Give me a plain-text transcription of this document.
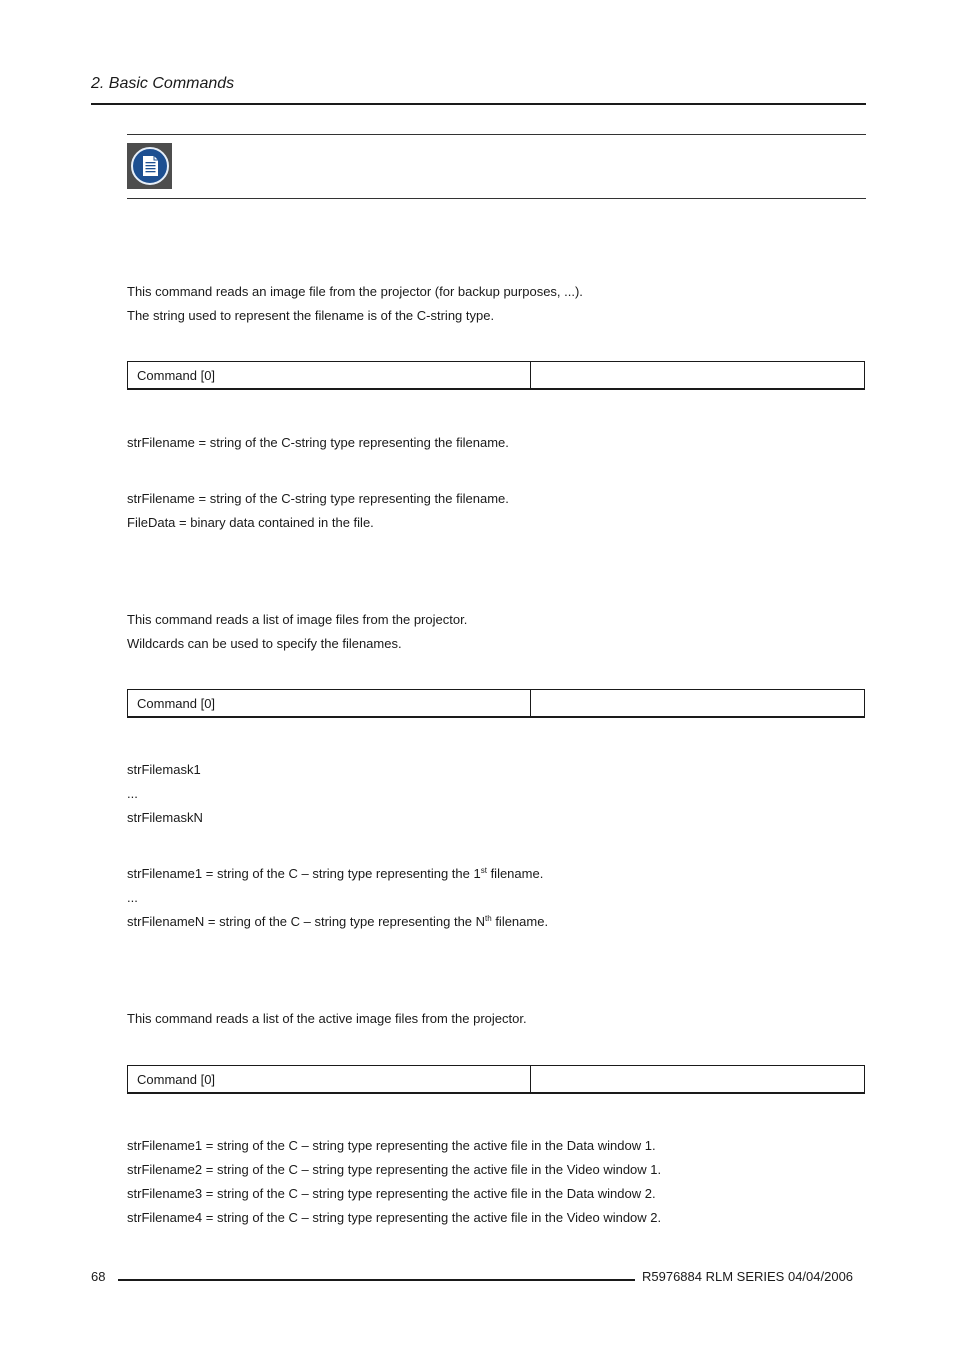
2. Basic Commands
This command reads an image file from the projector (for backup purposes, ...).
The string used to represent the filename is of the C-string type.
Command [0]
strFilename = string of the C-string type representing the filename.
strFilename = string of the C-string type representing the filename.
FileData = binary data contained in the file.
This command reads a list of image files from the projector.
Wildcards can be used to specify the filenames.
Command [0]
strFilemask1
...
strFilemaskN
strFilename1 = string of the C – string type representing the 1st filename.
...
strFilenameN = string of the C – string type representing the $N^{th}$ filename.
This command reads a list of the active image files from the projector.
Command [0]
strFilename1 = string of the C – string type representing the active file in the Data window 1.
strFilename2 = string of the C – string type representing the active file in the Video window 1.
strFilename3 = string of the C – string type representing the active file in the Data window 2.
strFilename4 = string of the C – string type representing the active file in the Video window 2.
68	R5976884 RLM SERIES 04/04/2006
